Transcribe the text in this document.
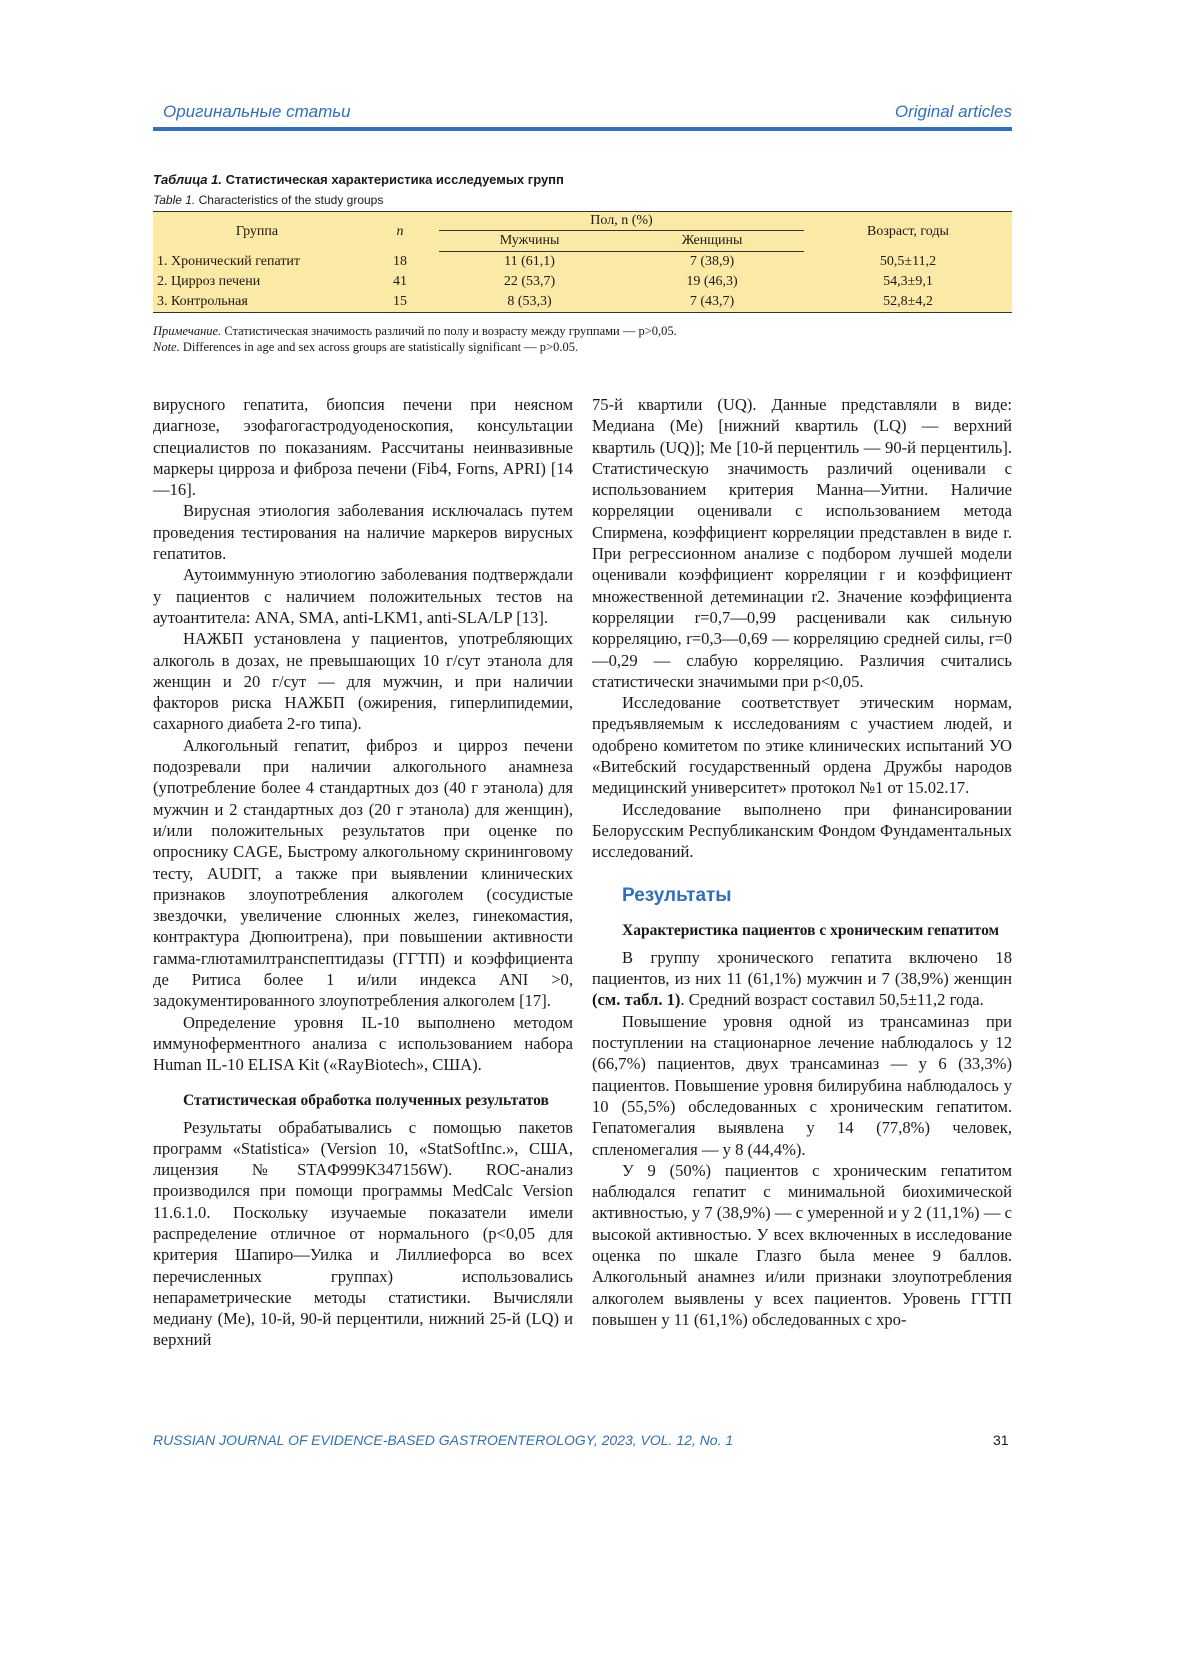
Оригинальные статьи	Original articles
Таблица 1. Статистическая характеристика исследуемых групп
Table 1. Characteristics of the study groups
Группа	n	Пол, n (%)		Возраст, годы
		Мужчины	Женщины	
1. Хронический гепатит	18	11 (61,1)	7 (38,9)	50,5±11,2
2. Цирроз печени	41	22 (53,7)	19 (46,3)	54,3±9,1
3. Контрольная	15	8 (53,3)	7 (43,7)	52,8±4,2
Примечание. Статистическая значимость различий по полу и возрасту между группами — p>0,05.
Note. Differences in age and sex across groups are statistically significant — p>0.05.

вирусного гепатита, биопсия печени при неясном диагнозе, эзофагогастродуоденоскопия, консультации специалистов по показаниям. Рассчитаны неинвазивные маркеры цирроза и фиброза печени (Fib4, Forns, APRI) [14—16].

Вирусная этиология заболевания исключалась путем проведения тестирования на наличие маркеров вирусных гепатитов.

Аутоиммунную этиологию заболевания подтверждали у пациентов с наличием положительных тестов на аутоантитела: ANA, SMA, anti-LKM1, anti-SLA/LP [13].

НАЖБП установлена у пациентов, употребляющих алкоголь в дозах, не превышающих 10 г/сут этанола для женщин и 20 г/сут — для мужчин, и при наличии факторов риска НАЖБП (ожирения, гиперлипидемии, сахарного диабета 2-го типа).

Алкогольный гепатит, фиброз и цирроз печени подозревали при наличии алкогольного анамнеза (употребление более 4 стандартных доз (40 г этанола) для мужчин и 2 стандартных доз (20 г этанола) для женщин), и/или положительных результатов при оценке по опроснику CAGE, Быстрому алкогольному скрининговому тесту, AUDIT, а также при выявлении клинических признаков злоупотребления алкоголем (сосудистые звездочки, увеличение слюнных желез, гинекомастия, контрактура Дюпюитрена), при повышении активности гамма-глютамилтранспептидазы (ГГТП) и коэффициента де Ритиса более 1 и/или индекса ANI >0, задокументированного злоупотребления алкоголем [17].

Определение уровня IL-10 выполнено методом иммуноферментного анализа с использованием набора Human IL-10 ELISA Kit («RayBiotech», США).

Статистическая обработка полученных результатов

Результаты обрабатывались с помощью пакетов программ «Statistica» (Version 10, «StatSoftInc.», США, лицензия №STAФ999K347156W). ROC-анализ производился при помощи программы MedCalc Version 11.6.1.0. Поскольку изучаемые показатели имели распределение отличное от нормального (p<0,05 для критерия Шапиро—Уилка и Лиллиефорса во всех перечисленных группах) использовались непараметрические методы статистики. Вычисляли медиану (Me), 10-й, 90-й перцентили, нижний 25-й (LQ) и верхний

75-й квартили (UQ). Данные представляли в виде: Медиана (Me) [нижний квартиль (LQ) — верхний квартиль (UQ)]; Me [10-й перцентиль — 90-й перцентиль]. Статистическую значимость различий оценивали с использованием критерия Манна—Уитни. Наличие корреляции оценивали с использованием метода Спирмена, коэффициент корреляции представлен в виде r. При регрессионном анализе с подбором лучшей модели оценивали коэффициент корреляции r и коэффициент множественной детеминации r2. Значение коэффициента корреляции r=0,7—0,99 расценивали как сильную корреляцию, r=0,3—0,69 — корреляцию средней силы, r=0—0,29 — слабую корреляцию. Различия считались статистически значимыми при p<0,05.

Исследование соответствует этическим нормам, предъявляемым к исследованиям с участием людей, и одобрено комитетом по этике клинических испытаний УО «Витебский государственный ордена Дружбы народов медицинский университет» протокол №1 от 15.02.17.

Исследование выполнено при финансировании Белорусским Республиканским Фондом Фундаментальных исследований.

Результаты
Характеристика пациентов с хроническим гепатитом

В группу хронического гепатита включено 18 пациентов, из них 11 (61,1%) мужчин и 7 (38,9%) женщин (см. табл. 1). Средний возраст составил 50,5±11,2 года.

Повышение уровня одной из трансаминаз при поступлении на стационарное лечение наблюдалось у 12 (66,7%) пациентов, двух трансаминаз — у 6 (33,3%) пациентов. Повышение уровня билирубина наблюдалось у 10 (55,5%) обследованных с хроническим гепатитом. Гепатомегалия выявлена у 14 (77,8%) человек, спленомегалия — у 8 (44,4%).

У 9 (50%) пациентов с хроническим гепатитом наблюдался гепатит с минимальной биохимической активностью, у 7 (38,9%) — с умеренной и у 2 (11,1%) — с высокой активностью. У всех включенных в исследование оценка по шкале Глазго была менее 9 баллов. Алкогольный анамнез и/или признаки злоупотребления алкоголем выявлены у всех пациентов. Уровень ГГТП повышен у 11 (61,1%) обследованных с хро-

RUSSIAN JOURNAL OF EVIDENCE-BASED GASTROENTEROLOGY, 2023, VOL. 12, No. 1	31
